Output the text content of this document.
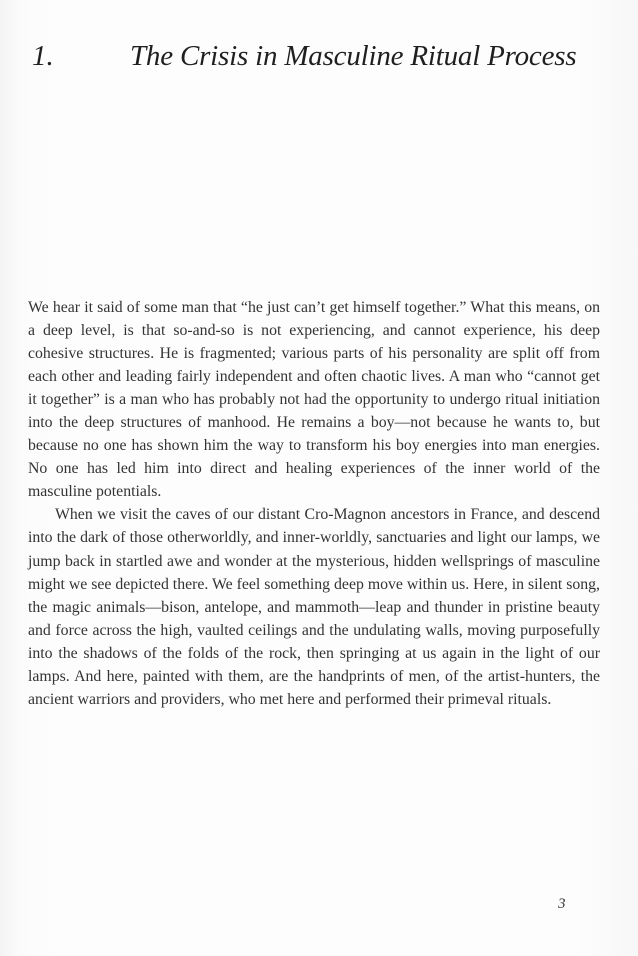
1.	The Crisis in Masculine Ritual Process

We hear it said of some man that “he just can’t get himself together.” What this means, on a deep level, is that so-and-so is not experiencing, and cannot experience, his deep cohesive structures. He is fragmented; various parts of his personality are split off from each other and leading fairly independent and often chaotic lives. A man who “cannot get it together” is a man who has probably not had the opportunity to undergo ritual initiation into the deep structures of manhood. He remains a boy—not because he wants to, but because no one has shown him the way to transform his boy energies into man energies. No one has led him into direct and healing experiences of the inner world of the masculine potentials.

When we visit the caves of our distant Cro-Magnon ancestors in France, and descend into the dark of those otherworldly, and inner-worldly, sanctuaries and light our lamps, we jump back in startled awe and wonder at the mysterious, hidden wellsprings of masculine might we see depicted there. We feel something deep move within us. Here, in silent song, the magic animals—bison, antelope, and mammoth—leap and thunder in pristine beauty and force across the high, vaulted ceilings and the undulating walls, moving purposefully into the shadows of the folds of the rock, then springing at us again in the light of our lamps. And here, painted with them, are the handprints of men, of the artist-hunters, the ancient warriors and providers, who met here and performed their primeval rituals.

3
